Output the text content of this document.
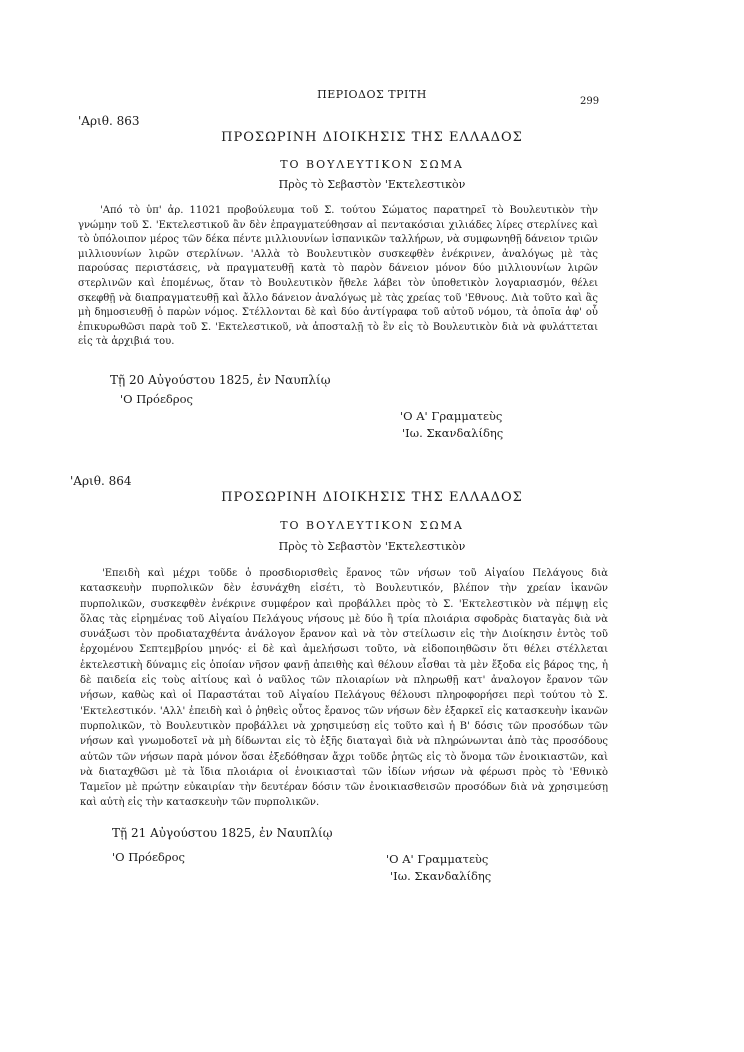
ΠΕΡΙΟΔΟΣ ΤΡΙΤΗ
299
'Αριθ. 863
ΠΡΟΣΩΡΙΝΗ ΔΙΟΙΚΗΣΙΣ ΤΗΣ ΕΛΛΑΔΟΣ
ΤΟ ΒΟΥΛΕΥΤΙΚΟΝ ΣΩΜΑ
Πρὸς τὸ Σεβαστὸν 'Εκτελεστικὸν

'Από τὸ ὑπ' ἀρ. 11021 προβούλευμα τοῦ Σ. τούτου Σώματος παρατηρεῖ τὸ Βουλευτικὸν τὴν γνώμην τοῦ Σ. 'Εκτελεστικοῦ ἂν δὲν ἐπραγματεύθησαν αἱ πεντακόσιαι χιλιάδες λίρες στερλίνες καὶ τὸ ὑπόλοιπον μέρος τῶν δέκα πέντε μιλλιουνίων ἰσπανικῶν ταλλήρων, νὰ συμφωνηθῇ δάνειον τριῶν μιλλιουνίων λιρῶν στερλίνων. 'Αλλὰ τὸ Βουλευτικὸν συσκεφθὲν ἐνέκρινεν, ἀναλόγως μὲ τὰς παρούσας περιστάσεις, νὰ πραγματευθῇ κατὰ τὸ παρὸν δάνειον μόνον δύο μιλλιουνίων λιρῶν στερλινῶν καὶ ἑπομένως, ὅταν τὸ Βουλευτικὸν ἤθελε λάβει τὸν ὑποθετικὸν λογαριασμόν, θέλει σκεφθῇ νὰ διαπραγματευθῇ καὶ ἄλλο δάνειον ἀναλόγως μὲ τὰς χρείας τοῦ 'Εθνους. Διὰ τοῦτο καὶ ἂς μὴ δημοσιευθῇ ὁ παρὼν νόμος. Στέλλονται δὲ καὶ δύο ἀντίγραφα τοῦ αὐτοῦ νόμου, τὰ ὁποῖα ἀφ' οὗ ἐπικυρωθῶσι παρὰ τοῦ Σ. 'Εκτελεστικοῦ, νὰ ἀποσταλῇ τὸ ἓν εἰς τὸ Βουλευτικὸν διὰ νὰ φυλάττεται εἰς τὰ ἀρχιβιά του.

Τῇ 20 Αὐγούστου 1825, ἐν Ναυπλίῳ
'Ο Πρόεδρος
'Ο Α' Γραμματεὺς
'Ιω. Σκανδαλίδης
'Αριθ. 864
ΠΡΟΣΩΡΙΝΗ ΔΙΟΙΚΗΣΙΣ ΤΗΣ ΕΛΛΑΔΟΣ
ΤΟ ΒΟΥΛΕΥΤΙΚΟΝ ΣΩΜΑ
Πρὸς τὸ Σεβαστὸν 'Εκτελεστικὸν

'Επειδὴ καὶ μέχρι τοῦδε ὁ προσδιορισθεὶς ἔρανος τῶν νήσων τοῦ Αἰγαίου Πελάγους διὰ κατασκευὴν πυρπολικῶν δὲν ἐσυνάχθη εἰσέτι, τὸ Βουλευτικόν, βλέπον τὴν χρείαν ἱκανῶν πυρπολικῶν, συσκεφθὲν ἐνέκρινε συμφέρον καὶ προβάλλει πρὸς τὸ Σ. 'Εκτελεστικὸν νὰ πέμψῃ εἰς ὅλας τὰς εἰρημένας τοῦ Αἰγαίου Πελάγους νήσους μὲ δύο ἢ τρία πλοιάρια σφοδρὰς διαταγὰς διὰ νὰ συνάξωσι τὸν προδιαταχθέντα ἀνάλογον ἔρανον καὶ νὰ τὸν στείλωσιν εἰς τὴν Διοίκησιν ἐντὸς τοῦ ἐρχομένου Σεπτεμβρίου μηνός· εἰ δὲ καὶ ἀμελήσωσι τοῦτο, νὰ εἰδοποιηθῶσιν ὅτι θέλει στέλλεται ἐκτελεστικὴ δύναμις εἰς ὁποίαν νῆσον φανῇ ἀπειθὴς καὶ θέλουν εἶσθαι τὰ μὲν ἔξοδα εἰς βάρος της, ἡ δὲ παιδεία εἰς τοὺς αἰτίους καὶ ὁ ναῦλος τῶν πλοιαρίων νὰ πληρωθῇ κατ' ἀναλογον ἔρανον τῶν νήσων, καθὼς καὶ οἱ Παραστάται τοῦ Αἰγαίου Πελάγους θέλουσι πληροφορήσει περὶ τούτου τὸ Σ. 'Εκτελεστικόν. 'Αλλ' ἐπειδὴ καὶ ὁ ῥηθεὶς οὗτος ἔρανος τῶν νήσων δὲν ἐξαρκεῖ εἰς κατασκευὴν ἱκανῶν πυρπολικῶν, τὸ Βουλευτικὸν προβάλλει νὰ χρησιμεύσῃ εἰς τοῦτο καὶ ἡ Β' δόσις τῶν προσόδων τῶν νήσων καὶ γνωμοδοτεῖ νὰ μὴ δίδωνται εἰς τὸ ἑξῆς διαταγαὶ διὰ νὰ πληρώνωνται ἀπὸ τὰς προσόδους αὐτῶν τῶν νήσων παρὰ μόνον ὅσαι ἐξεδόθησαν ἄχρι τοῦδε ῥητῶς εἰς τὸ ὄνομα τῶν ἐνοικιαστῶν, καὶ νὰ διαταχθῶσι μὲ τὰ ἴδια πλοιάρια οἱ ἐνοικιασταὶ τῶν ἰδίων νήσων νὰ φέρωσι πρὸς τὸ 'Εθνικὸ Ταμεῖον μὲ πρώτην εὐκαιρίαν τὴν δευτέραν δόσιν τῶν ἐνοικιασθεισῶν προσόδων διὰ νὰ χρησιμεύσῃ καὶ αὐτὴ εἰς τὴν κατασκευὴν τῶν πυρπολικῶν.

Τῇ 21 Αὐγούστου 1825, ἐν Ναυπλίῳ
'Ο Πρόεδρος	'Ο Α' Γραμματεὺς
'Ιω. Σκανδαλίδης
